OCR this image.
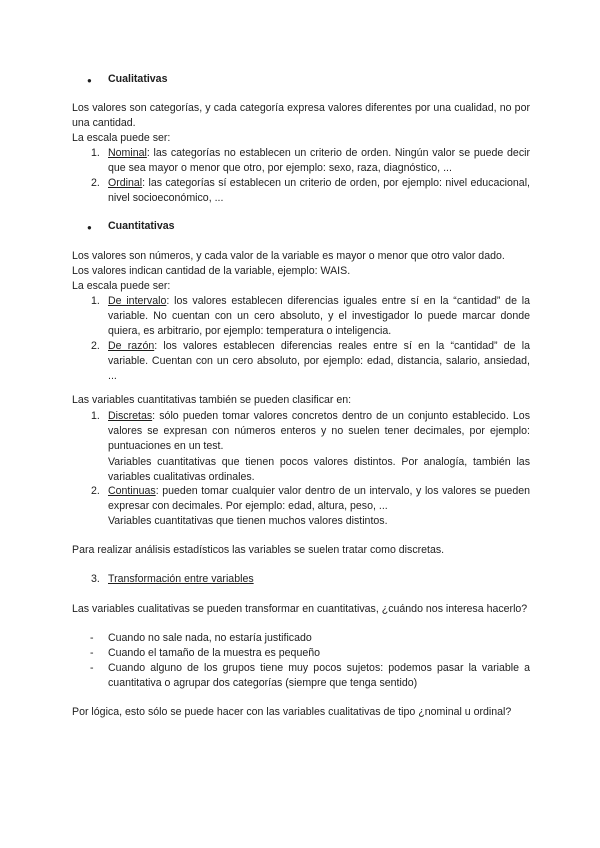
● Cualitativas

Los valores son categorías, y cada categoría expresa valores diferentes por una cualidad, no por una cantidad.

La escala puede ser:

1. Nominal: las categorías no establecen un criterio de orden. Ningún valor se puede decir que sea mayor o menor que otro, por ejemplo: sexo, raza, diagnóstico, ...
2. Ordinal: las categorías sí establecen un criterio de orden, por ejemplo: nivel educacional, nivel socioeconómico, ...
● Cuantitativas

Los valores son números, y cada valor de la variable es mayor o menor que otro valor dado.
Los valores indican cantidad de la variable, ejemplo: WAIS.
La escala puede ser:

1. De intervalo: los valores establecen diferencias iguales entre sí en la “cantidad” de la variable. No cuentan con un cero absoluto, y el investigador lo puede marcar donde quiera, es arbitrario, por ejemplo: temperatura o inteligencia.
2. De razón: los valores establecen diferencias reales entre sí en la “cantidad” de la variable. Cuentan con un cero absoluto, por ejemplo: edad, distancia, salario, ansiedad, ...

Las variables cuantitativas también se pueden clasificar en:

1. Discretas: sólo pueden tomar valores concretos dentro de un conjunto establecido. Los valores se expresan con números enteros y no suelen tener decimales, por ejemplo: puntuaciones en un test.
Variables cuantitativas que tienen pocos valores distintos. Por analogía, también las variables cualitativas ordinales.
2. Continuas: pueden tomar cualquier valor dentro de un intervalo, y los valores se pueden expresar con decimales. Por ejemplo: edad, altura, peso, ...
Variables cuantitativas que tienen muchos valores distintos.

Para realizar análisis estadísticos las variables se suelen tratar como discretas.

3. Transformación entre variables

Las variables cualitativas se pueden transformar en cuantitativas, ¿cuándo nos interesa hacerlo?

- Cuando no sale nada, no estaría justificado
- Cuando el tamaño de la muestra es pequeño
- Cuando alguno de los grupos tiene muy pocos sujetos: podemos pasar la variable a cuantitativa o agrupar dos categorías (siempre que tenga sentido)

Por lógica, esto sólo se puede hacer con las variables cualitativas de tipo ¿nominal u ordinal?
